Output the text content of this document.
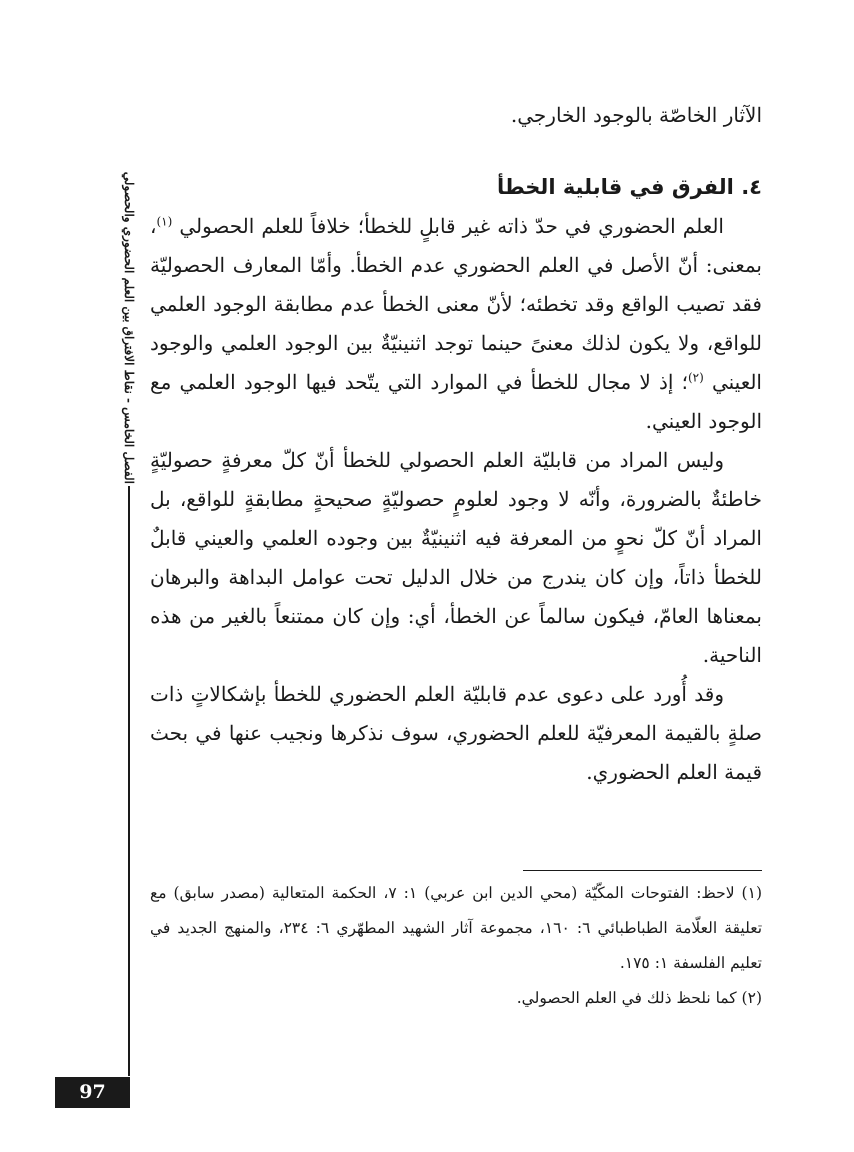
الفصل الخامس - نقاط الافتراق بين العلم الحضوري والحصولي
97

الآثار الخاصّة بالوجود الخارجي.

٤. الفرق في قابلية الخطأ

العلم الحضوري في حدّ ذاته غير قابلٍ للخطأ؛ خلافاً للعلم الحصولي $^{(١)}$، بمعنى: أنّ الأصل في العلم الحضوري عدم الخطأ. وأمّا المعارف الحصوليّة فقد تصيب الواقع وقد تخطئه؛ لأنّ معنى الخطأ عدم مطابقة الوجود العلمي للواقع، ولا يكون لذلك معنىً حينما توجد اثنينيّةٌ بين الوجود العلمي والوجود العيني $^{(٢)}$؛ إذ لا مجال للخطأ في الموارد التي يتّحد فيها الوجود العلمي مع الوجود العيني.

وليس المراد من قابليّة العلم الحصولي للخطأ أنّ كلّ معرفةٍ حصوليّةٍ خاطئةٌ بالضرورة، وأنّه لا وجود لعلومٍ حصوليّةٍ صحيحةٍ مطابقةٍ للواقع، بل المراد أنّ كلّ نحوٍ من المعرفة فيه اثنينيّةٌ بين وجوده العلمي والعيني قابلٌ للخطأ ذاتاً، وإن كان يندرج من خلال الدليل تحت عوامل البداهة والبرهان بمعناها العامّ، فيكون سالماً عن الخطأ، أي: وإن كان ممتنعاً بالغير من هذه الناحية.

وقد أُورد على دعوى عدم قابليّة العلم الحضوري للخطأ بإشكالاتٍ ذات صلةٍ بالقيمة المعرفيّة للعلم الحضوري، سوف نذكرها ونجيب عنها في بحث قيمة العلم الحضوري.

(١) لاحظ: الفتوحات المكّيّة (محي الدين ابن عربي) ١: ٧، الحكمة المتعالية (مصدر سابق) مع تعليقة العلّامة الطباطبائي ٦: ١٦٠، مجموعة آثار الشهيد المطهّري ٦: ٢٣٤، والمنهج الجديد في تعليم الفلسفة ١: ١٧٥.

(٢) كما نلحظ ذلك في العلم الحصولي.
